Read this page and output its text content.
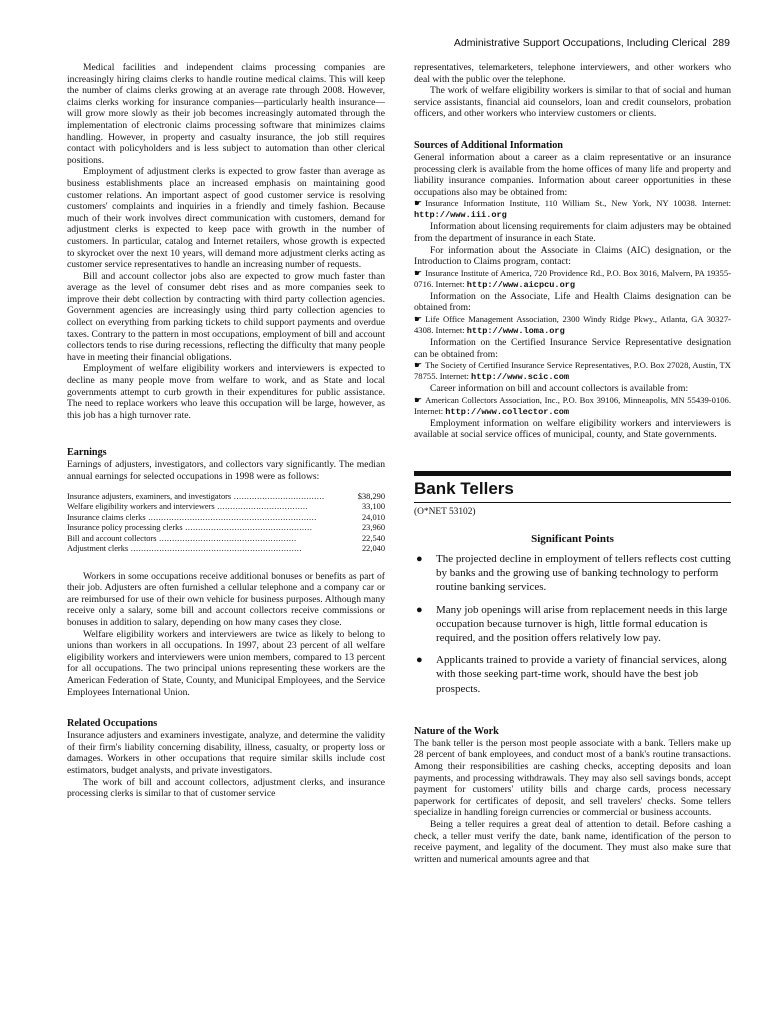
Administrative Support Occupations, Including Clerical 289

Medical facilities and independent claims processing companies are increasingly hiring claims clerks to handle routine medical claims. This will keep the number of claims clerks growing at an average rate through 2008. However, claims clerks working for insurance companies—particularly health insurance—will grow more slowly as their job becomes increasingly automated through the implementation of electronic claims processing software that minimizes claims handling. However, in property and casualty insurance, the job still requires contact with policyholders and is less subject to automation than other clerical positions.

Employment of adjustment clerks is expected to grow faster than average as business establishments place an increased emphasis on maintaining good customer relations. An important aspect of good customer service is resolving customers' complaints and inquiries in a friendly and timely fashion. Because much of their work involves direct communication with customers, demand for adjustment clerks is expected to keep pace with growth in the number of customers. In particular, catalog and Internet retailers, whose growth is expected to skyrocket over the next 10 years, will demand more adjustment clerks acting as customer service representatives to handle an increasing number of requests.

Bill and account collector jobs also are expected to grow much faster than average as the level of consumer debt rises and as more companies seek to improve their debt collection by contracting with third party collection agencies. Government agencies are increasingly using third party collection agencies to collect on everything from parking tickets to child support payments and overdue taxes. Contrary to the pattern in most occupations, employment of bill and account collectors tends to rise during recessions, reflecting the difficulty that many people have in meeting their financial obligations.

Employment of welfare eligibility workers and interviewers is expected to decline as many people move from welfare to work, and as State and local governments attempt to curb growth in their expenditures for public assistance. The need to replace workers who leave this occupation will be large, however, as this job has a high turnover rate.

Earnings

Earnings of adjusters, investigators, and collectors vary significantly. The median annual earnings for selected occupations in 1998 were as follows:

Insurance adjusters, examiners, and investigators ...................................	$38,290
Welfare eligibility workers and interviewers ...................................	33,100
Insurance claims clerks .................................................................	24,010
Insurance policy processing clerks .................................................	23,960
Bill and account collectors .....................................................	22,540
Adjustment clerks ..................................................................	22,040

Workers in some occupations receive additional bonuses or benefits as part of their job. Adjusters are often furnished a cellular telephone and a company car or are reimbursed for use of their own vehicle for business purposes. Although many receive only a salary, some bill and account collectors receive commissions or bonuses in addition to salary, depending on how many cases they close.

Welfare eligibility workers and interviewers are twice as likely to belong to unions than workers in all occupations. In 1997, about 23 percent of all welfare eligibility workers and interviewers were union members, compared to 13 percent for all occupations. The two principal unions representing these workers are the American Federation of State, County, and Municipal Employees, and the Service Employees International Union.

Related Occupations

Insurance adjusters and examiners investigate, analyze, and determine the validity of their firm's liability concerning disability, illness, casualty, or property loss or damages. Workers in other occupations that require similar skills include cost estimators, budget analysts, and private investigators.

The work of bill and account collectors, adjustment clerks, and insurance processing clerks is similar to that of customer service

representatives, telemarketers, telephone interviewers, and other workers who deal with the public over the telephone.

The work of welfare eligibility workers is similar to that of social and human service assistants, financial aid counselors, loan and credit counselors, probation officers, and other workers who interview customers or clients.

Sources of Additional Information

General information about a career as a claim representative or an insurance processing clerk is available from the home offices of many life and property and liability insurance companies. Information about career opportunities in these occupations also may be obtained from:

☛ Insurance Information Institute, 110 William St., New York, NY 10038. Internet: http://www.iii.org

Information about licensing requirements for claim adjusters may be obtained from the department of insurance in each State.

For information about the Associate in Claims (AIC) designation, or the Introduction to Claims program, contact:

☛ Insurance Institute of America, 720 Providence Rd., P.O. Box 3016, Malvern, PA 19355-0716. Internet: http://www.aicpcu.org

Information on the Associate, Life and Health Claims designation can be obtained from:

☛ Life Office Management Association, 2300 Windy Ridge Pkwy., Atlanta, GA 30327-4308. Internet: http://www.loma.org

Information on the Certified Insurance Service Representative designation can be obtained from:

☛ The Society of Certified Insurance Service Representatives, P.O. Box 27028, Austin, TX 78755. Internet: http://www.scic.com

Career information on bill and account collectors is available from:

☛ American Collectors Association, Inc., P.O. Box 39106, Minneapolis, MN 55439-0106. Internet: http://www.collector.com

Employment information on welfare eligibility workers and interviewers is available at social service offices of municipal, county, and State governments.

Bank Tellers
(O*NET 53102)
Significant Points
● The projected decline in employment of tellers reflects cost cutting by banks and the growing use of banking technology to perform routine banking services.
● Many job openings will arise from replacement needs in this large occupation because turnover is high, little formal education is required, and the position offers relatively low pay.
● Applicants trained to provide a variety of financial services, along with those seeking part-time work, should have the best job prospects.
Nature of the Work

The bank teller is the person most people associate with a bank. Tellers make up 28 percent of bank employees, and conduct most of a bank's routine transactions. Among their responsibilities are cashing checks, accepting deposits and loan payments, and processing withdrawals. They may also sell savings bonds, accept payment for customers' utility bills and charge cards, process necessary paperwork for certificates of deposit, and sell travelers' checks. Some tellers specialize in handling foreign currencies or commercial or business accounts.

Being a teller requires a great deal of attention to detail. Before cashing a check, a teller must verify the date, bank name, identification of the person to receive payment, and legality of the document. They must also make sure that written and numerical amounts agree and that
